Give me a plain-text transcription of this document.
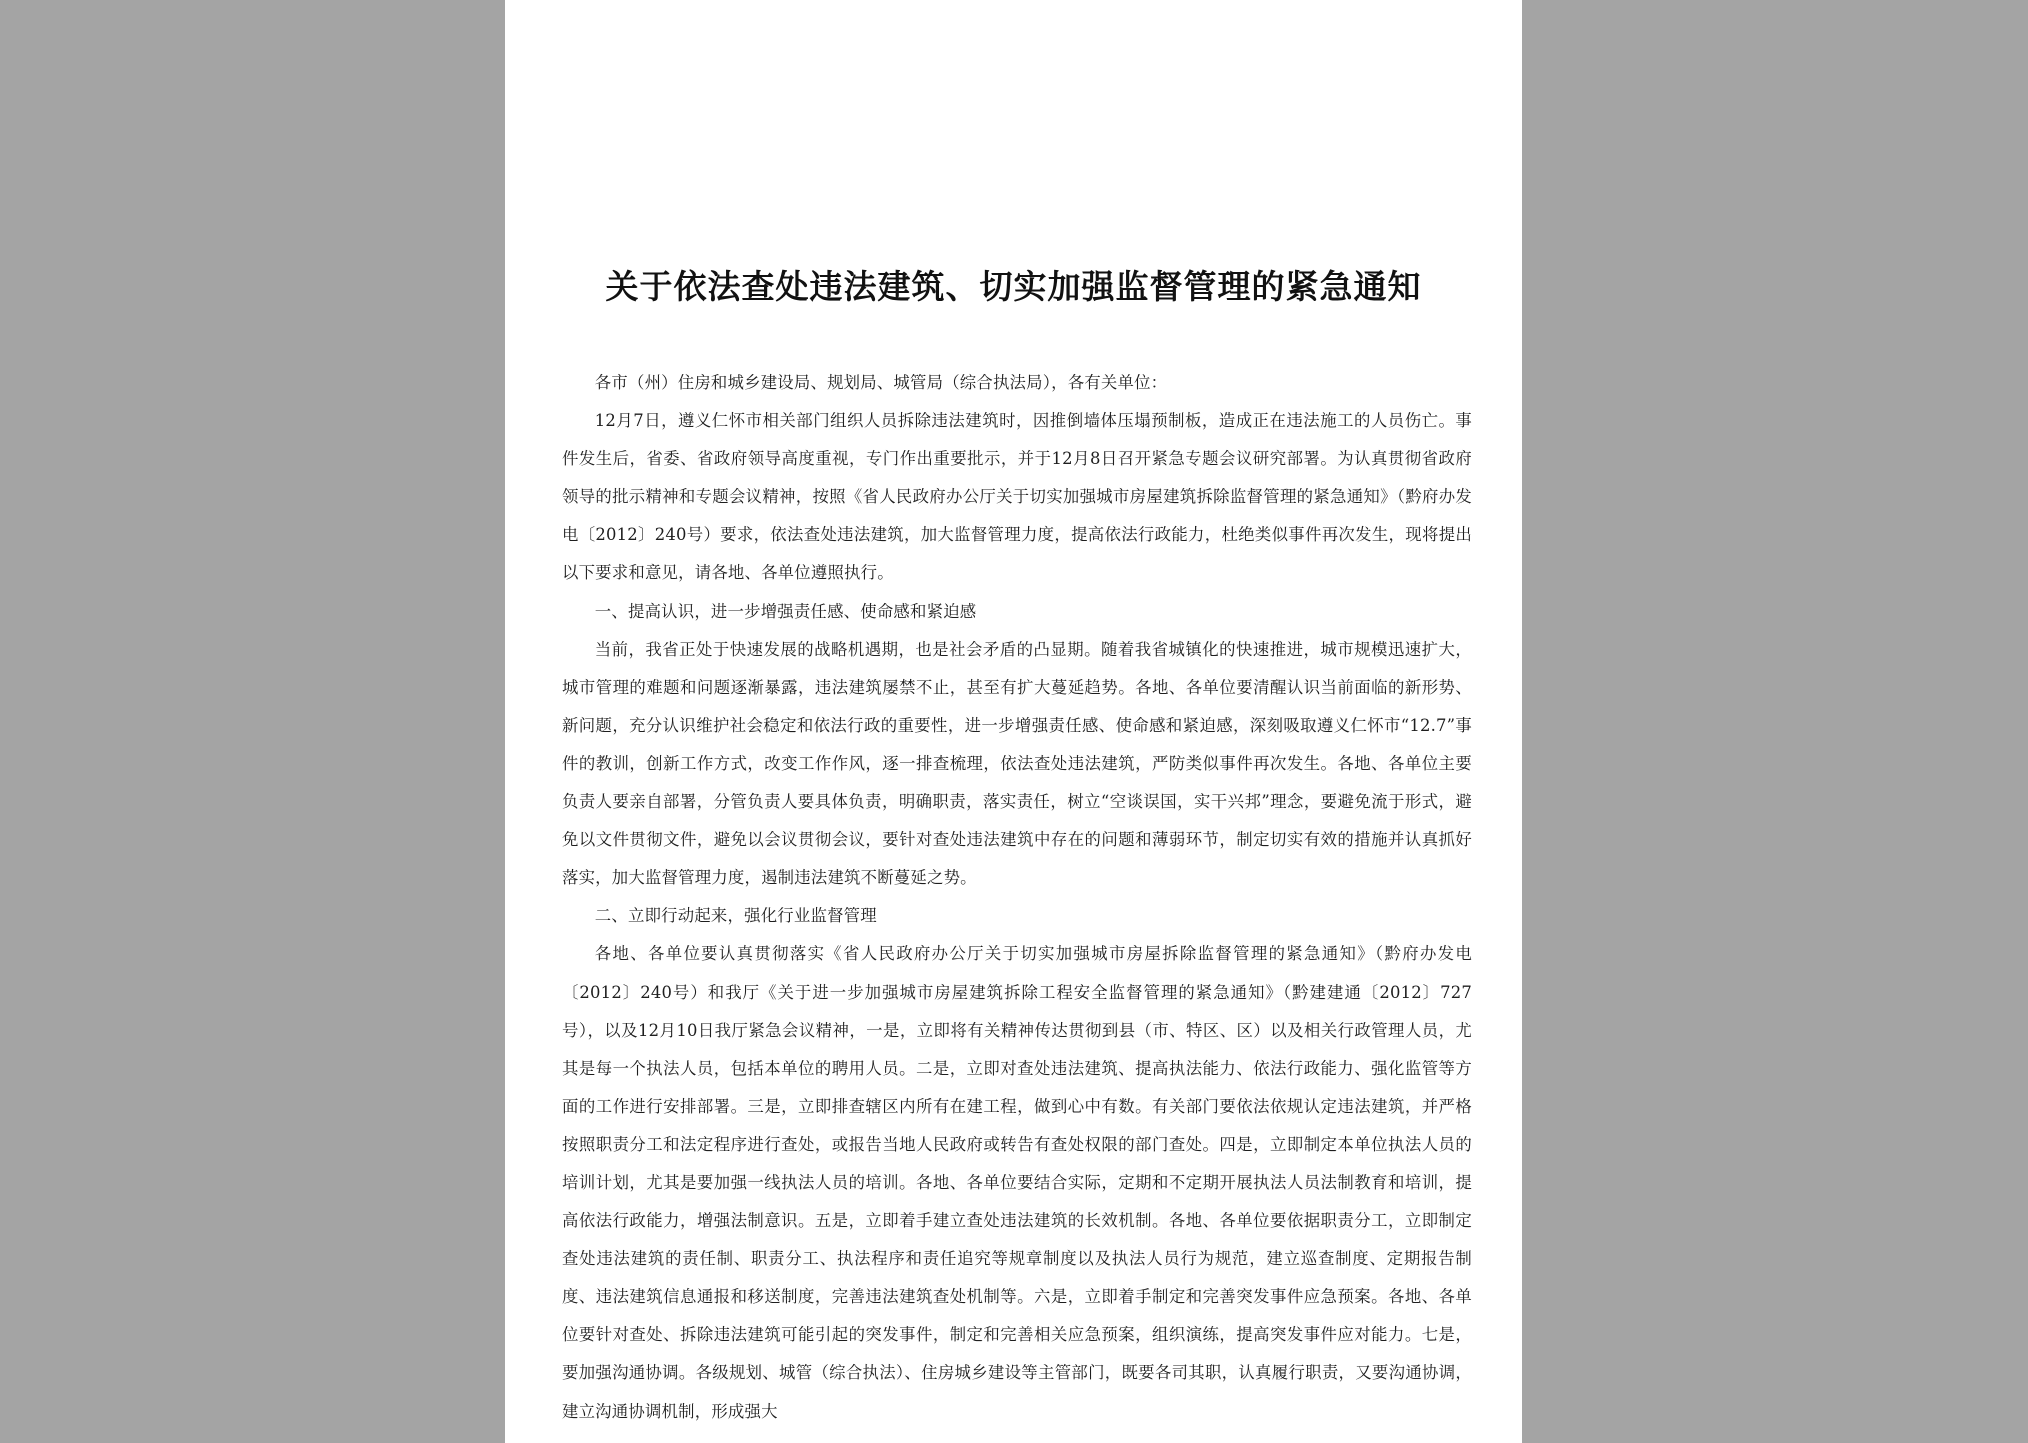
关于依法查处违法建筑、切实加强监督管理的紧急通知

各市（州）住房和城乡建设局、规划局、城管局（综合执法局），各有关单位：

12月7日，遵义仁怀市相关部门组织人员拆除违法建筑时，因推倒墙体压塌预制板，造成正在违法施工的人员伤亡。事件发生后，省委、省政府领导高度重视，专门作出重要批示，并于12月8日召开紧急专题会议研究部署。为认真贯彻省政府领导的批示精神和专题会议精神，按照《省人民政府办公厅关于切实加强城市房屋建筑拆除监督管理的紧急通知》（黔府办发电〔2012〕240号）要求，依法查处违法建筑，加大监督管理力度，提高依法行政能力，杜绝类似事件再次发生，现将提出以下要求和意见，请各地、各单位遵照执行。

一、提高认识，进一步增强责任感、使命感和紧迫感

当前，我省正处于快速发展的战略机遇期，也是社会矛盾的凸显期。随着我省城镇化的快速推进，城市规模迅速扩大，城市管理的难题和问题逐渐暴露，违法建筑屡禁不止，甚至有扩大蔓延趋势。各地、各单位要清醒认识当前面临的新形势、新问题，充分认识维护社会稳定和依法行政的重要性，进一步增强责任感、使命感和紧迫感，深刻吸取遵义仁怀市“12.7”事件的教训，创新工作方式，改变工作作风，逐一排查梳理，依法查处违法建筑，严防类似事件再次发生。各地、各单位主要负责人要亲自部署，分管负责人要具体负责，明确职责，落实责任，树立“空谈误国，实干兴邦”理念，要避免流于形式，避免以文件贯彻文件，避免以会议贯彻会议，要针对查处违法建筑中存在的问题和薄弱环节，制定切实有效的措施并认真抓好落实，加大监督管理力度，遏制违法建筑不断蔓延之势。

二、立即行动起来，强化行业监督管理

各地、各单位要认真贯彻落实《省人民政府办公厅关于切实加强城市房屋拆除监督管理的紧急通知》（黔府办发电〔2012〕240号）和我厅《关于进一步加强城市房屋建筑拆除工程安全监督管理的紧急通知》（黔建建通〔2012〕727号），以及12月10日我厅紧急会议精神，一是，立即将有关精神传达贯彻到县（市、特区、区）以及相关行政管理人员，尤其是每一个执法人员，包括本单位的聘用人员。二是，立即对查处违法建筑、提高执法能力、依法行政能力、强化监管等方面的工作进行安排部署。三是，立即排查辖区内所有在建工程，做到心中有数。有关部门要依法依规认定违法建筑，并严格按照职责分工和法定程序进行查处，或报告当地人民政府或转告有查处权限的部门查处。四是，立即制定本单位执法人员的培训计划，尤其是要加强一线执法人员的培训。各地、各单位要结合实际，定期和不定期开展执法人员法制教育和培训，提高依法行政能力，增强法制意识。五是，立即着手建立查处违法建筑的长效机制。各地、各单位要依据职责分工，立即制定查处违法建筑的责任制、职责分工、执法程序和责任追究等规章制度以及执法人员行为规范，建立巡查制度、定期报告制度、违法建筑信息通报和移送制度，完善违法建筑查处机制等。六是，立即着手制定和完善突发事件应急预案。各地、各单位要针对查处、拆除违法建筑可能引起的突发事件，制定和完善相关应急预案，组织演练，提高突发事件应对能力。七是，要加强沟通协调。各级规划、城管（综合执法）、住房城乡建设等主管部门，既要各司其职，认真履行职责，又要沟通协调，建立沟通协调机制，形成强大
